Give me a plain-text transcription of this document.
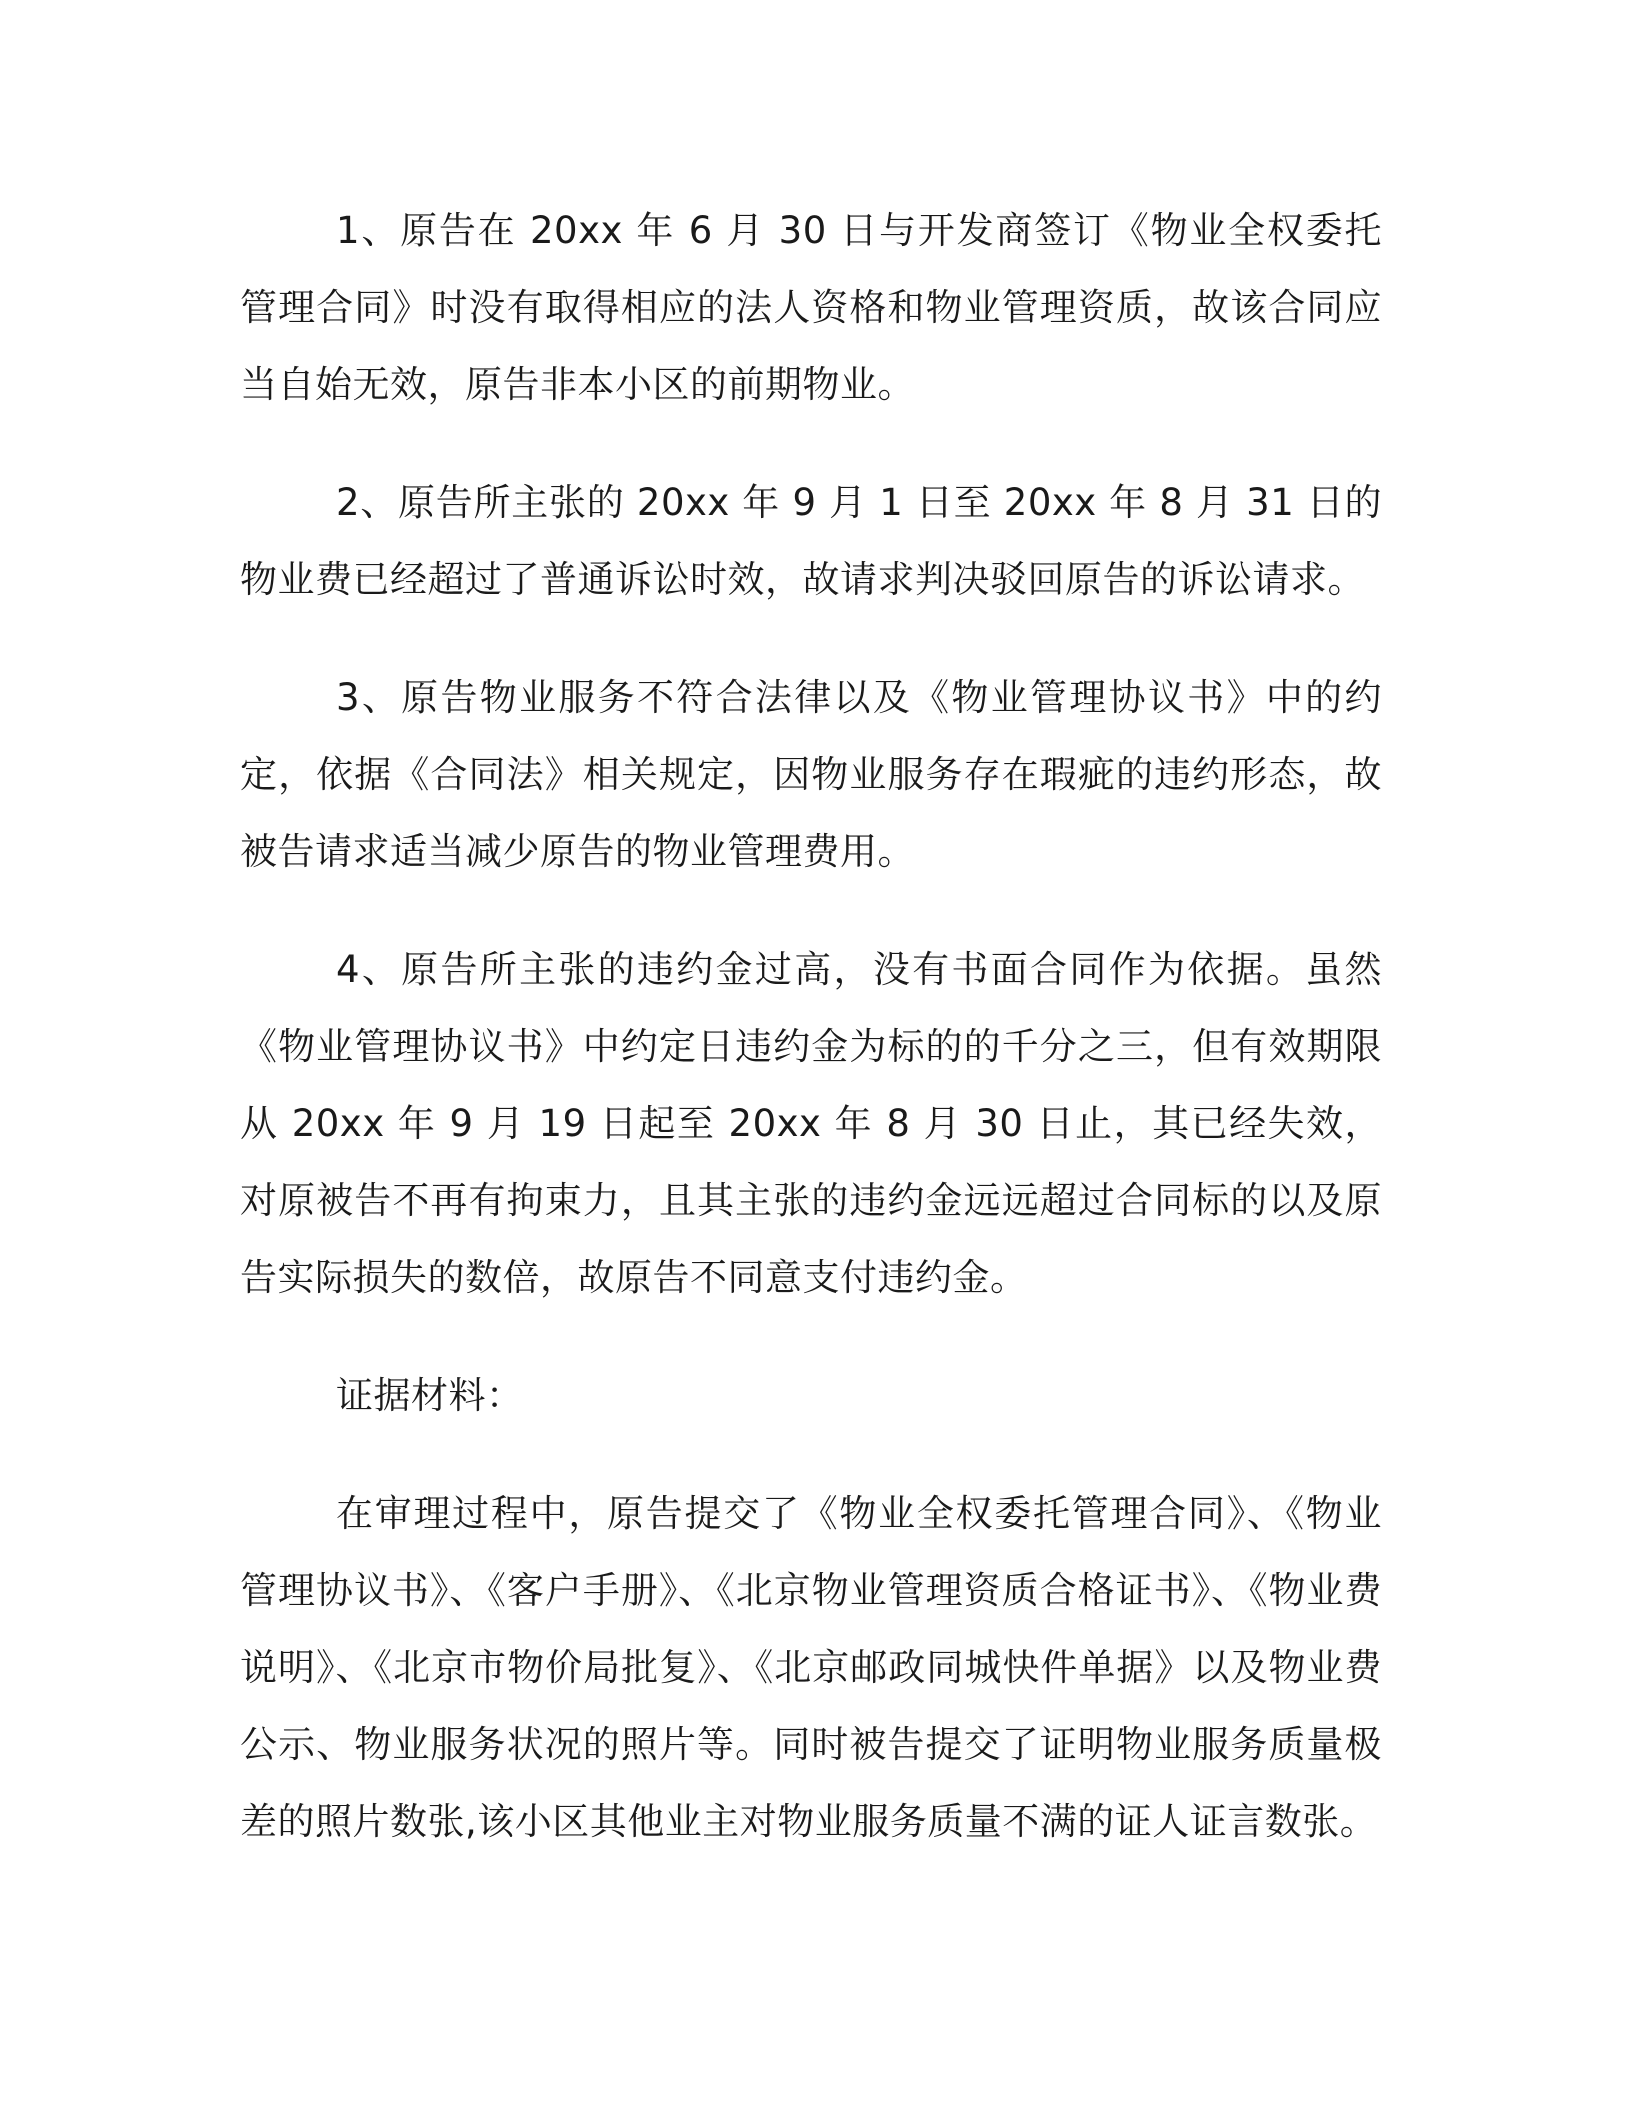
1、原告在 20xx 年 6 月 30 日与开发商签订《物业全权委托管理合同》时没有取得相应的法人资格和物业管理资质，故该合同应当自始无效，原告非本小区的前期物业。

2、原告所主张的 20xx 年 9 月 1 日至 20xx 年 8 月 31 日的物业费已经超过了普通诉讼时效，故请求判决驳回原告的诉讼请求。

3、原告物业服务不符合法律以及《物业管理协议书》中的约定，依据《合同法》相关规定，因物业服务存在瑕疵的违约形态，故被告请求适当减少原告的物业管理费用。

4、原告所主张的违约金过高，没有书面合同作为依据。虽然《物业管理协议书》中约定日违约金为标的的千分之三，但有效期限从 20xx 年 9 月 19 日起至 20xx 年 8 月 30 日止，其已经失效，对原被告不再有拘束力，且其主张的违约金远远超过合同标的以及原告实际损失的数倍，故原告不同意支付违约金。

证据材料：

在审理过程中，原告提交了《物业全权委托管理合同》、《物业管理协议书》、《客户手册》、《北京物业管理资质合格证书》、《物业费说明》、《北京市物价局批复》、《北京邮政同城快件单据》以及物业费公示、物业服务状况的照片等。同时被告提交了证明物业服务质量极差的照片数张,该小区其他业主对物业服务质量不满的证人证言数张。
